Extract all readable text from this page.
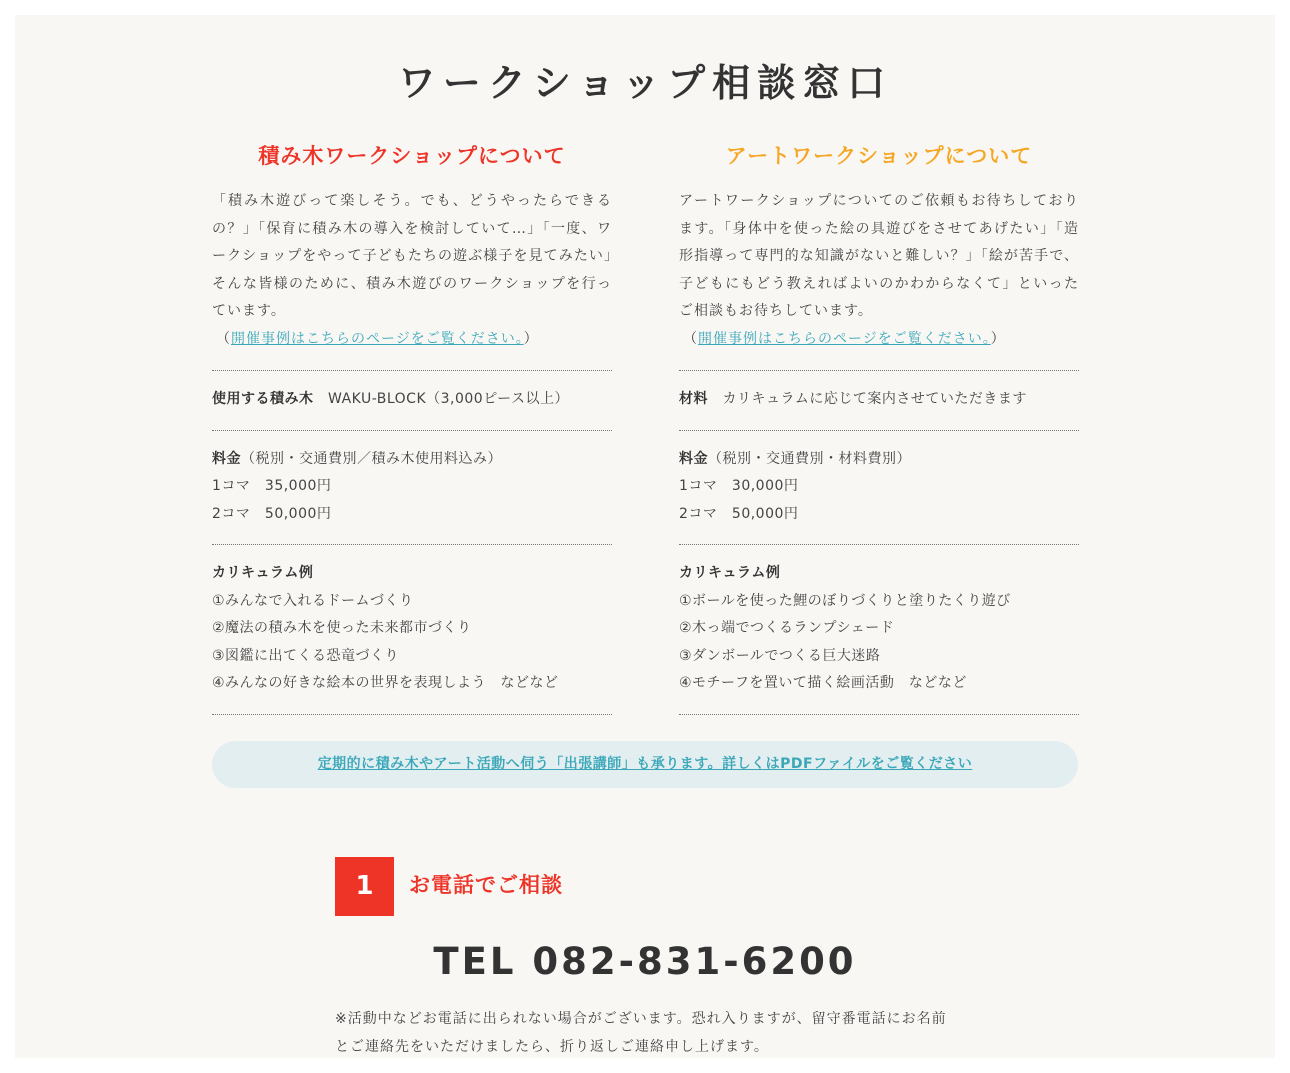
ワークショップ相談窓口
積み木ワークショップについて

「積み木遊びって楽しそう。でも、どうやったらできるの？」「保育に積み木の導入を検討していて…」「一度、ワークショップをやって子どもたちの遊ぶ様子を見てみたい」そんな皆様のために、積み木遊びのワークショップを行っています。

（開催事例はこちらのページをご覧ください。）
使用する積み木　WAKU-BLOCK（3,000ピース以上）
料金（税別・交通費別／積み木使用料込み）
1コマ　35,000円
2コマ　50,000円
カリキュラム例
①みんなで入れるドームづくり
②魔法の積み木を使った未来都市づくり
③図鑑に出てくる恐竜づくり
④みんなの好きな絵本の世界を表現しよう　などなど
アートワークショップについて

アートワークショップについてのご依頼もお待ちしております。「身体中を使った絵の具遊びをさせてあげたい」「造形指導って専門的な知識がないと難しい？」「絵が苦手で、子どもにもどう教えればよいのかわからなくて」といったご相談もお待ちしています。

（開催事例はこちらのページをご覧ください。）
材料　カリキュラムに応じて案内させていただきます
料金（税別・交通費別・材料費別）
1コマ　30,000円
2コマ　50,000円
カリキュラム例
①ボールを使った鯉のぼりづくりと塗りたくり遊び
②木っ端でつくるランプシェード
③ダンボールでつくる巨大迷路
④モチーフを置いて描く絵画活動　などなど
定期的に積み木やアート活動へ伺う「出張講師」も承ります。詳しくはPDFファイルをご覧ください
1	お電話でご相談
TEL 082-831-6200
※活動中などお電話に出られない場合がございます。恐れ入りますが、留守番電話にお名前とご連絡先をいただけましたら、折り返しご連絡申し上げます。
